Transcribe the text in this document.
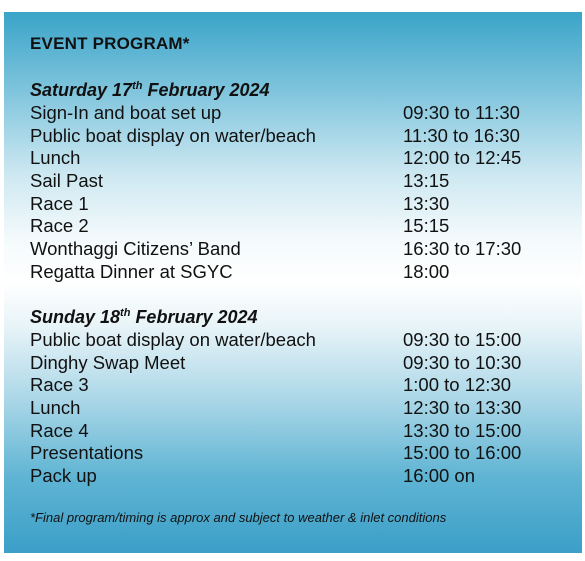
EVENT PROGRAM*
Saturday 17th February 2024
Sign-In and boat set up	09:30 to 11:30
Public boat display on water/beach	11:30 to 16:30
Lunch	12:00 to 12:45
Sail Past	13:15
Race 1	13:30
Race 2	15:15
Wonthaggi Citizens’ Band	16:30 to 17:30
Regatta Dinner at SGYC	18:00
Sunday 18th February 2024
Public boat display on water/beach	09:30 to 15:00
Dinghy Swap Meet	09:30 to 10:30
Race 3	1:00 to 12:30
Lunch	12:30 to 13:30
Race 4	13:30 to 15:00
Presentations	15:00 to 16:00
Pack up	16:00 on
*Final program/timing is approx and subject to weather & inlet conditions
